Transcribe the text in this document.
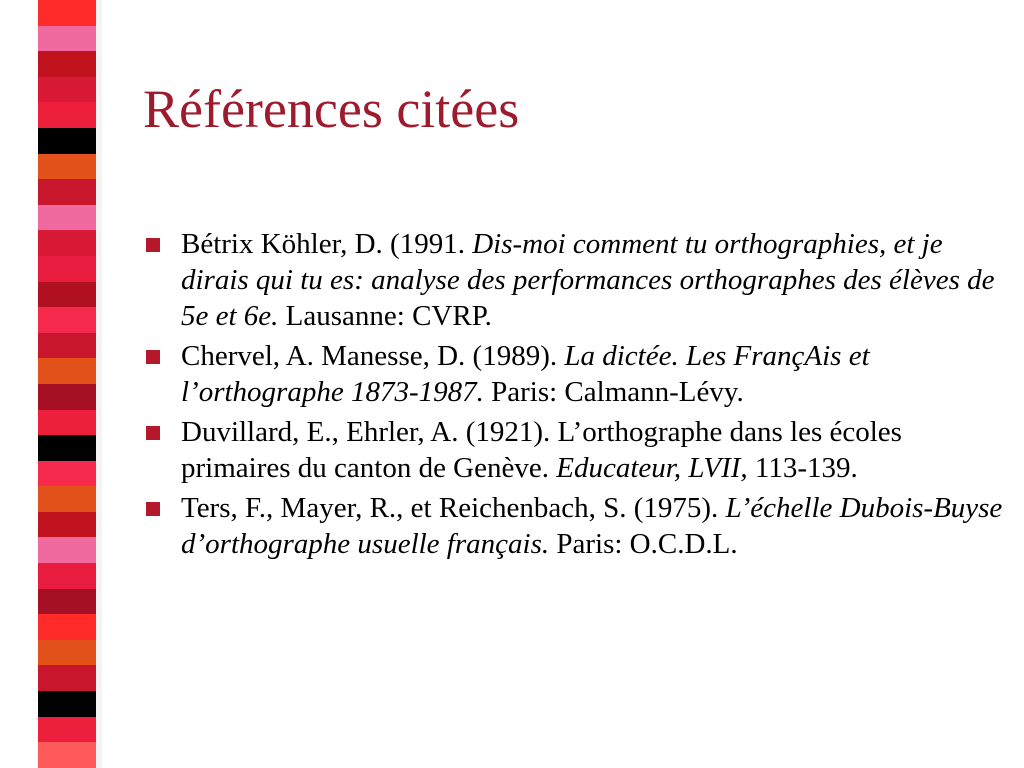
Références citées
Bétrix Köhler, D. (1991. Dis-moi comment tu orthographies, et je dirais qui tu es: analyse des performances orthographes des élèves de 5e et 6e. Lausanne: CVRP.
Chervel, A. Manesse, D. (1989). La dictée. Les FrançAis et l’orthographe 1873-1987. Paris: Calmann-Lévy.
Duvillard, E., Ehrler, A. (1921). L’orthographe dans les écoles primaires du canton de Genève. Educateur, LVII, 113-139.
Ters, F., Mayer, R., et Reichenbach, S. (1975). L’échelle Dubois-Buyse d’orthographe usuelle français. Paris: O.C.D.L.
